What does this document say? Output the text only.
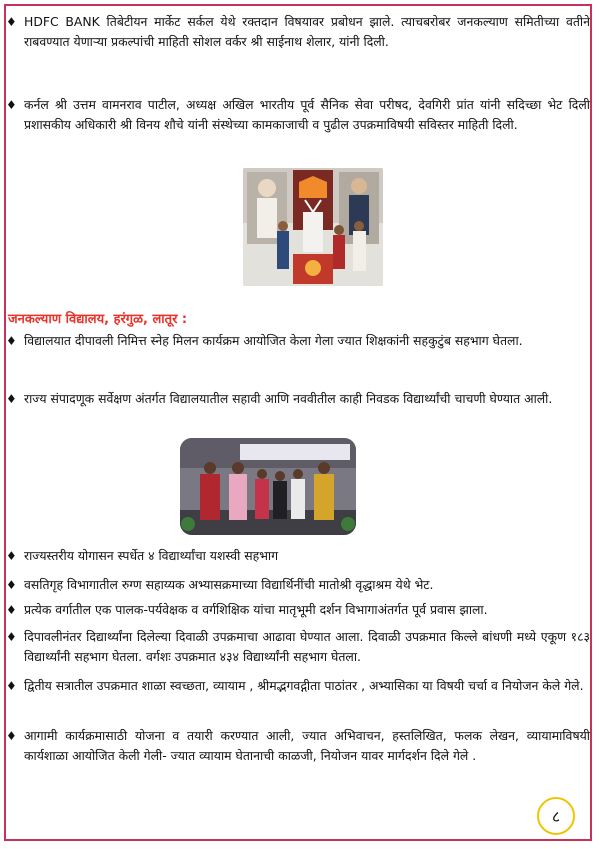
♦ HDFC BANK तिबेटीयन मार्केट सर्कल येथे रक्तदान विषयावर प्रबोधन झाले. त्याचबरोबर जनकल्याण समितीच्या वतीने राबवण्यात येणाऱ्या प्रकल्पांची माहिती सोशल वर्कर श्री साईनाथ शेलार, यांनी दिली.
♦ कर्नल श्री उत्तम वामनराव पाटील, अध्यक्ष अखिल भारतीय पूर्व सैनिक सेवा परीषद, देवगिरी प्रांत यांनी सदिच्छा भेट दिली प्रशासकीय अधिकारी श्री विनय शौचे यांनी संस्थेच्या कामकाजाची व पुढील उपक्रमाविषयी सविस्तर माहिती दिली.
जनकल्याण विद्यालय, हरंगुळ, लातूर :
♦ विद्यालयात दीपावली निमित्त स्नेह मिलन कार्यक्रम आयोजित केला गेला ज्यात शिक्षकांनी सहकुटुंब सहभाग घेतला.
♦ राज्य संपादणूक सर्वेक्षण अंतर्गत विद्यालयातील सहावी आणि नववीतील काही निवडक विद्यार्थ्यांची चाचणी घेण्यात आली.
♦ राज्यस्तरीय योगासन स्पर्धेत ४ विद्यार्थ्यांचा यशस्वी सहभाग
♦ वसतिगृह विभागातील रुग्ण सहाय्यक अभ्यासक्रमाच्या विद्यार्थिनींची मातोश्री वृद्धाश्रम येथे भेट.
♦ प्रत्येक वर्गातील एक पालक-पर्यवेक्षक व वर्गशिक्षिक यांचा मातृभूमी दर्शन विभागाअंतर्गत पूर्व प्रवास झाला.
♦ दिपावलीनंतर दिद्यार्थ्यांना दिलेल्या दिवाळी उपक्रमाचा आढावा घेण्यात आला. दिवाळी उपक्रमात किल्ले बांधणी मध्ये एकूण १८३ विद्यार्थ्यांनी सहभाग घेतला. वर्गशः उपक्रमात ४३४ विद्यार्थ्यांनी सहभाग घेतला.
♦ द्वितीय सत्रातील उपक्रमात शाळा स्वच्छता, व्यायाम , श्रीमद्भगवद्गीता पाठांतर , अभ्यासिका या विषयी चर्चा व नियोजन केले गेले.
♦ आगामी कार्यक्रमासाठी योजना व तयारी करण्यात आली, ज्यात अभिवाचन, हस्तलिखित, फलक लेखन, व्यायामाविषयी कार्यशाळा आयोजित केली गेली- ज्यात व्यायाम घेतानाची काळजी, नियोजन यावर मार्गदर्शन दिले गेले .
८
